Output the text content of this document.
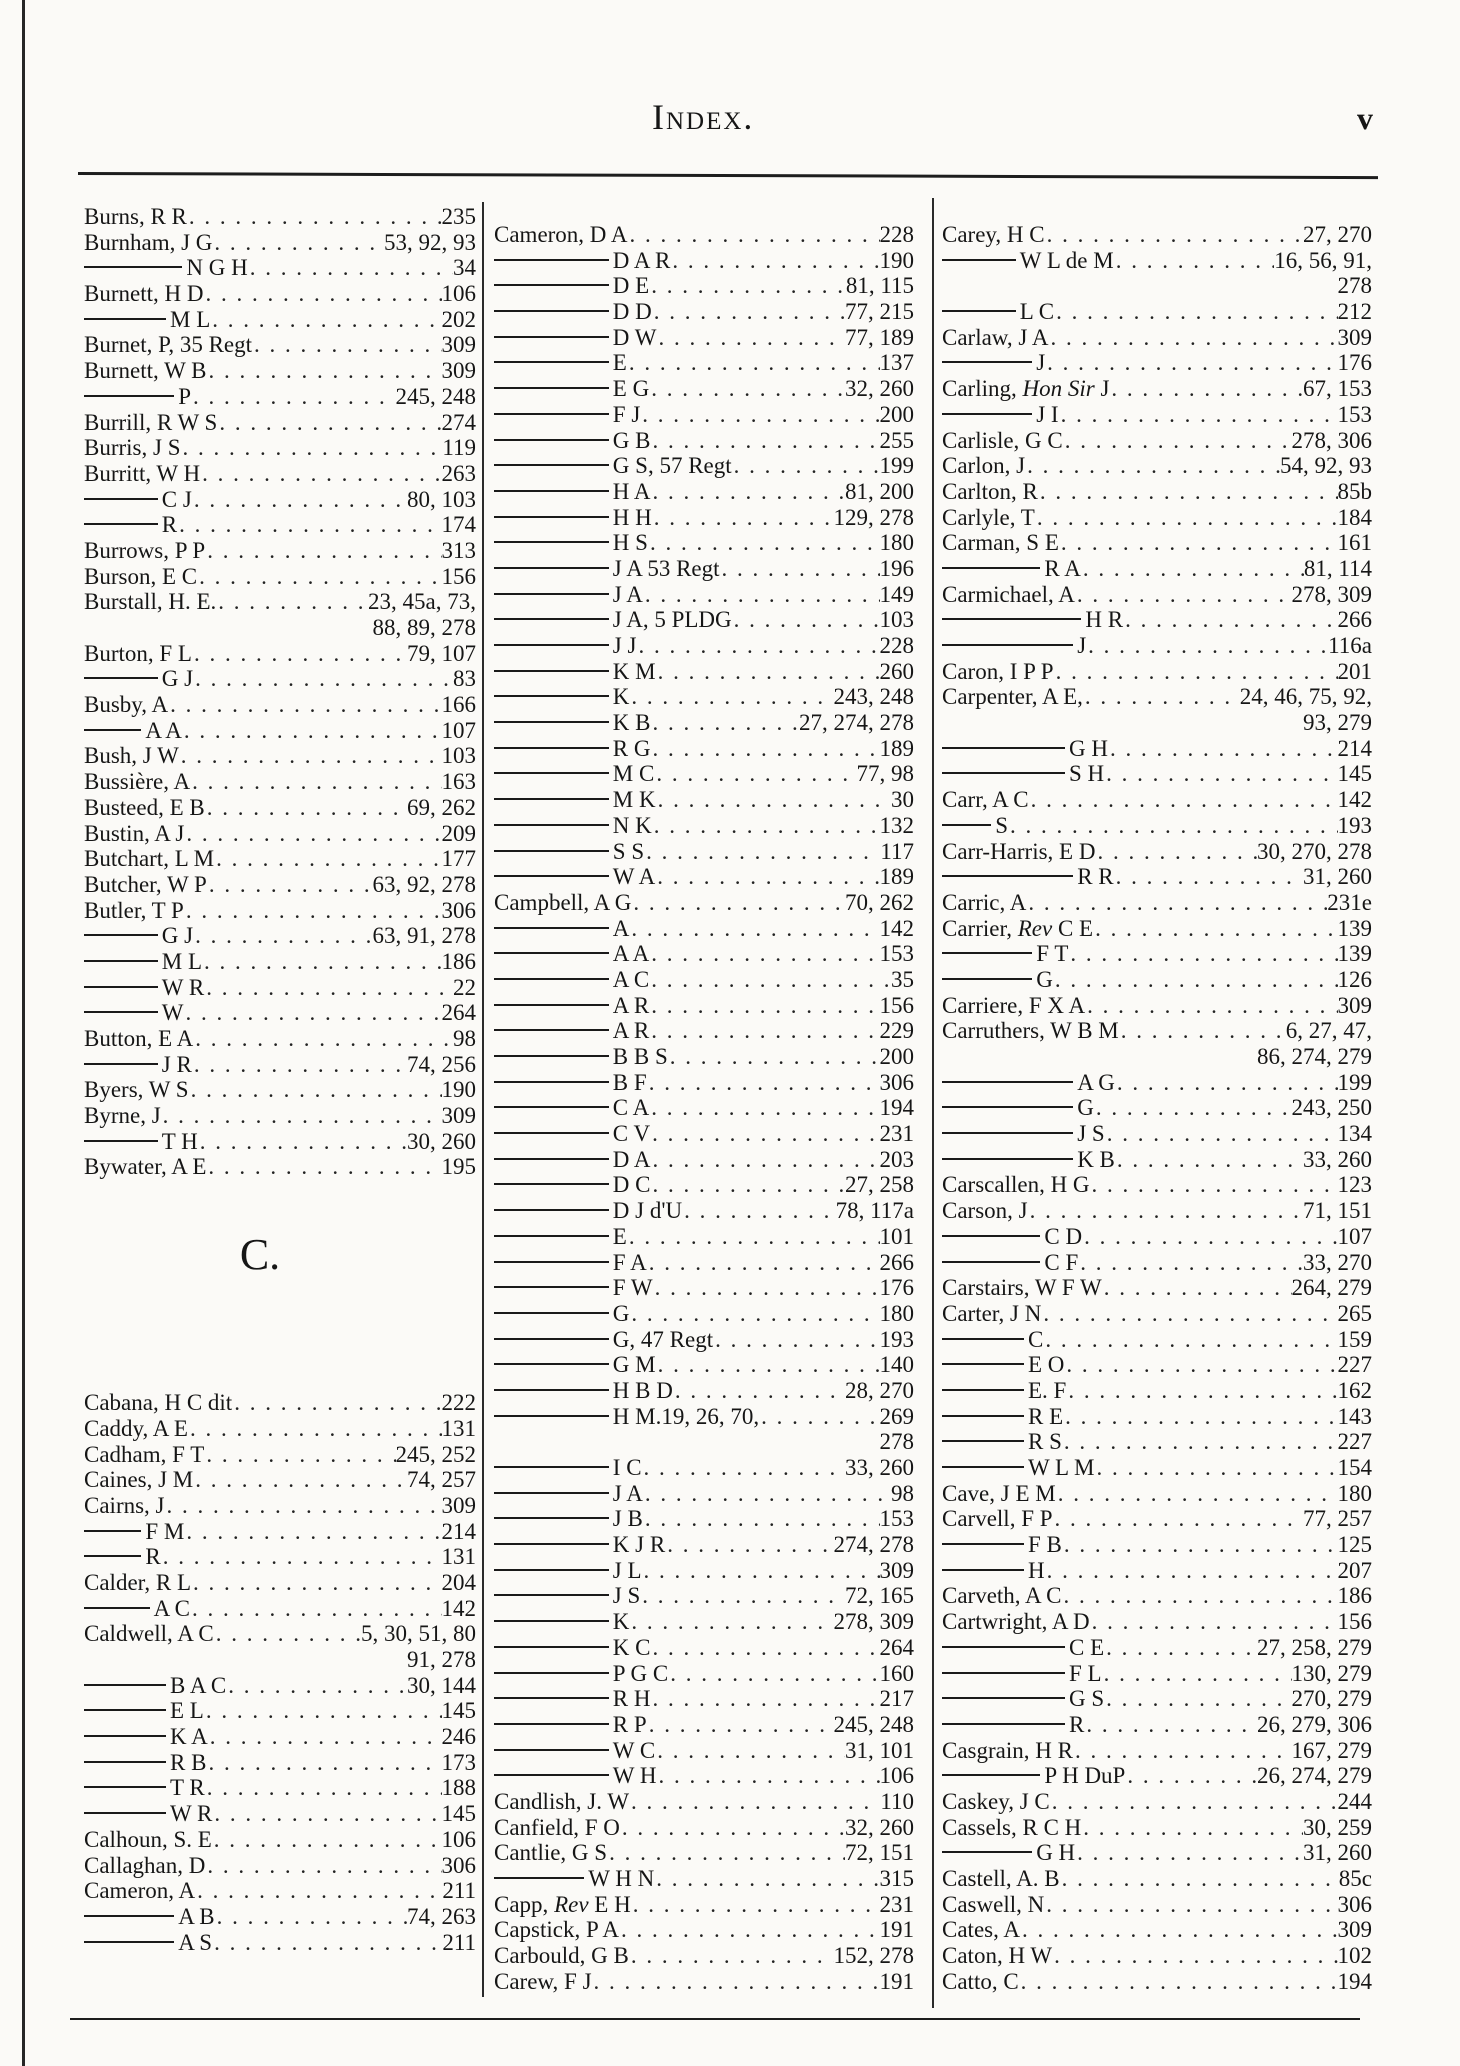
Index.	v
Burns, R R . . .	235
Burnham, J G . . .	53, 92, 93
N G H . . .	34
Burnett, H D . . .	106
M L . . .	202
Burnet, P, 35 Regt . . .	309
Burnett, W B . . .	309
P . . .	245, 248
Burrill, R W S . . .	274
Burris, J S . . .	119
Burritt, W H . . .	263
C J . . .	80, 103
R . . .	174
Burrows, P P . . .	313
Burson, E C . . .	156
Burstall, H. E. . . .	23, 45a, 73,
88, 89, 278
Burton, F L . . .	79, 107
G J . . .	83
Busby, A . . .	166
A A . . .	107
Bush, J W . . .	103
Bussière, A . . .	163
Busteed, E B . . .	69, 262
Bustin, A J . . .	209
Butchart, L M . . .	177
Butcher, W P . . .	63, 92, 278
Butler, T P . . .	306
G J . . .	63, 91, 278
M L . . .	186
W R . . .	22
W . . .	264
Button, E A . . .	98
J R . . .	74, 256
Byers, W S . . .	190
Byrne, J . . .	309
T H . . .	30, 260
Bywater, A E . . .	195
C.
Cabana, H C dit . . .	222
Caddy, A E . . .	131
Cadham, F T . . .	245, 252
Caines, J M . . .	74, 257
Cairns, J . . .	309
F M . . .	214
R . . .	131
Calder, R L . . .	204
A C . . .	142
Caldwell, A C . . .	5, 30, 51, 80
91, 278
B A C . . .	30, 144
E L . . .	145
K A . . .	246
R B . . .	173
T R . . .	188
W R . . .	145
Calhoun, S. E . . .	106
Callaghan, D . . .	306
Cameron, A . . .	211
A B . . .	74, 263
A S . . .	211
Cameron, D A . . .	228
D A R . . .	190
D E . . .	81, 115
D D . . .	77, 215
D W . . .	77, 189
E . . .	137
E G . . .	32, 260
F J . . .	200
G B . . .	255
G S, 57 Regt . . .	199
H A . . .	81, 200
H H . . .	129, 278
H S . . .	180
J A 53 Regt . . .	196
J A . . .	149
J A, 5 PLDG . . .	103
J J . . .	228
K M . . .	260
K . . .	243, 248
K B . . .	27, 274, 278
R G . . .	189
M C . . .	77, 98
M K . . .	30
N K . . .	132
S S . . .	117
W A . . .	189
Campbell, A G . . .	70, 262
A . . .	142
A A . . .	153
A C . . .	35
A R . . .	156
A R . . .	229
B B S . . .	200
B F . . .	306
C A . . .	194
C V . . .	231
D A . . .	203
D C . . .	27, 258
D J d'U . . .	78, 117a
E . . .	101
F A . . .	266
F W . . .	176
G . . .	180
G, 47 Regt . . .	193
G M . . .	140
H B D . . .	28, 270
H M.19, 26, 70, . . .	269
278
I C . . .	33, 260
J A . . .	98
J B . . .	153
K J R . . .	274, 278
J L . . .	309
J S . . .	72, 165
K . . .	278, 309
K C . . .	264
P G C . . .	160
R H . . .	217
R P . . .	245, 248
W C . . .	31, 101
W H . . .	106
Candlish, J. W . . .	110
Canfield, F O . . .	32, 260
Cantlie, G S . . .	72, 151
W H N . . .	315
Capp, Rev E H . . .	231
Capstick, P A . . .	191
Carbould, G B . . .	152, 278
Carew, F J . . .	191
Carey, H C . . .	27, 270
W L de M . . .	16, 56, 91,
278
L C . . .	212
Carlaw, J A . . .	309
J . . .	176
Carling, Hon Sir J . . .	67, 153
J I . . .	153
Carlisle, G C . . .	278, 306
Carlon, J . . .	54, 92, 93
Carlton, R . . .	85b
Carlyle, T . . .	184
Carman, S E . . .	161
R A . . .	81, 114
Carmichael, A . . .	278, 309
H R . . .	266
J . . .	116a
Caron, I P P . . .	201
Carpenter, A E, . . .	24, 46, 75, 92,
93, 279
G H . . .	214
S H . . .	145
Carr, A C . . .	142
S . . .	193
Carr-Harris, E D . . .	30, 270, 278
R R . . .	31, 260
Carric, A . . .	231e
Carrier, Rev C E . . .	139
F T . . .	139
G . . .	126
Carriere, F X A . . .	309
Carruthers, W B M . . .	6, 27, 47,
86, 274, 279
A G . . .	199
G . . .	243, 250
J S . . .	134
K B . . .	33, 260
Carscallen, H G . . .	123
Carson, J . . .	71, 151
C D . . .	107
C F . . .	33, 270
Carstairs, W F W . . .	264, 279
Carter, J N . . .	265
C . . .	159
E O . . .	227
E. F . . .	162
R E . . .	143
R S . . .	227
W L M . . .	154
Cave, J E M . . .	180
Carvell, F P . . .	77, 257
F B . . .	125
H . . .	207
Carveth, A C . . .	186
Cartwright, A D . . .	156
C E . . .	27, 258, 279
F L . . .	130, 279
G S . . .	270, 279
R . . .	26, 279, 306
Casgrain, H R . . .	167, 279
P H DuP . . .	26, 274, 279
Caskey, J C . . .	244
Cassels, R C H . . .	30, 259
G H . . .	31, 260
Castell, A. B . . .	85c
Caswell, N . . .	306
Cates, A . . .	309
Caton, H W . . .	102
Catto, C . . .	194
